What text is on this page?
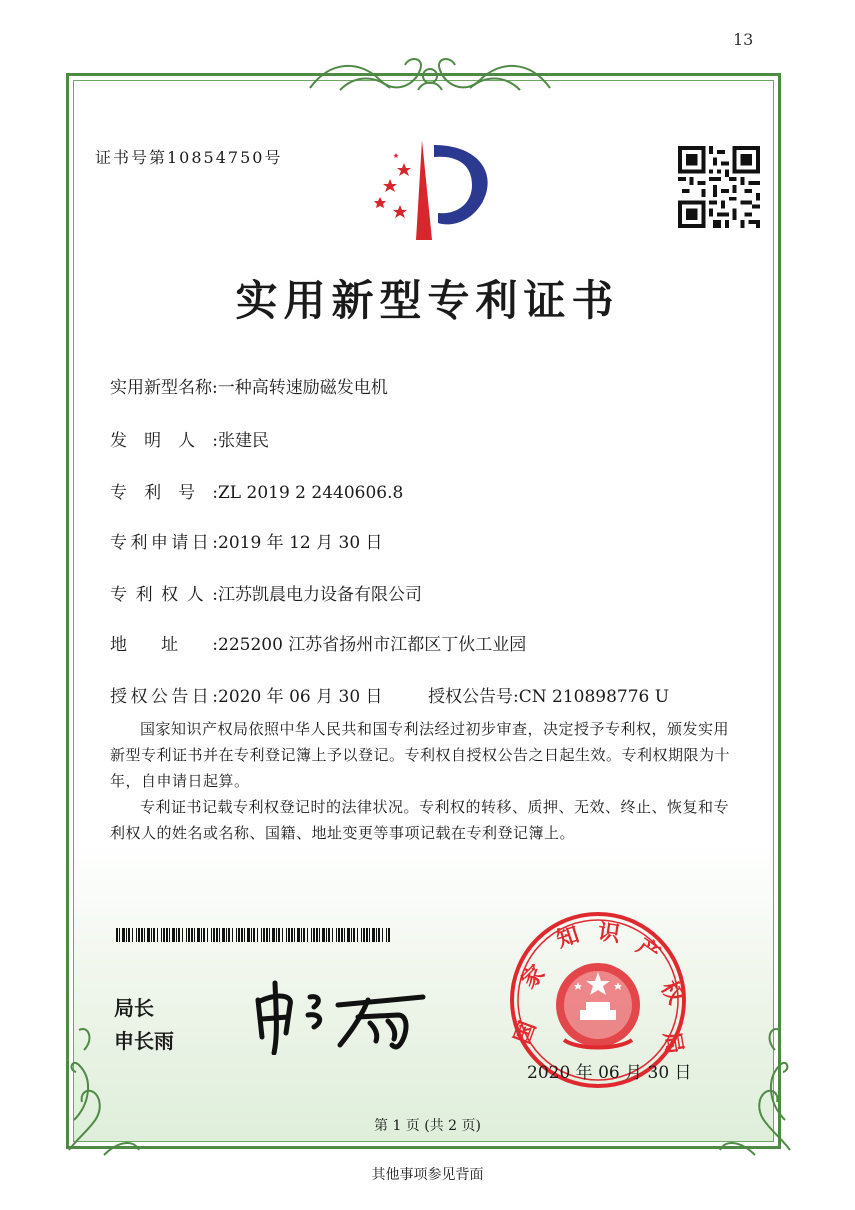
13
证书号第10854750号
实用新型专利证书
实用新型名称:一种高转速励磁发电机
发明人:张建民
专利号:ZL 2019 2 2440606.8
专利申请日:2019 年 12 月 30 日
专利权人:江苏凯晨电力设备有限公司
地址:225200 江苏省扬州市江都区丁伙工业园
授权公告日:2020 年 06 月 30 日	授权公告号:CN 210898776 U
国家知识产权局依照中华人民共和国专利法经过初步审查，决定授予专利权，颁发实用新型专利证书并在专利登记簿上予以登记。专利权自授权公告之日起生效。专利权期限为十年，自申请日起算。
专利证书记载专利权登记时的法律状况。专利权的转移、质押、无效、终止、恢复和专利权人的姓名或名称、国籍、地址变更等事项记载在专利登记簿上。
局长
申长雨	国
家
知 识
产
权
局
2020 年 06 月 30 日
第 1 页 (共 2 页)
其他事项参见背面
